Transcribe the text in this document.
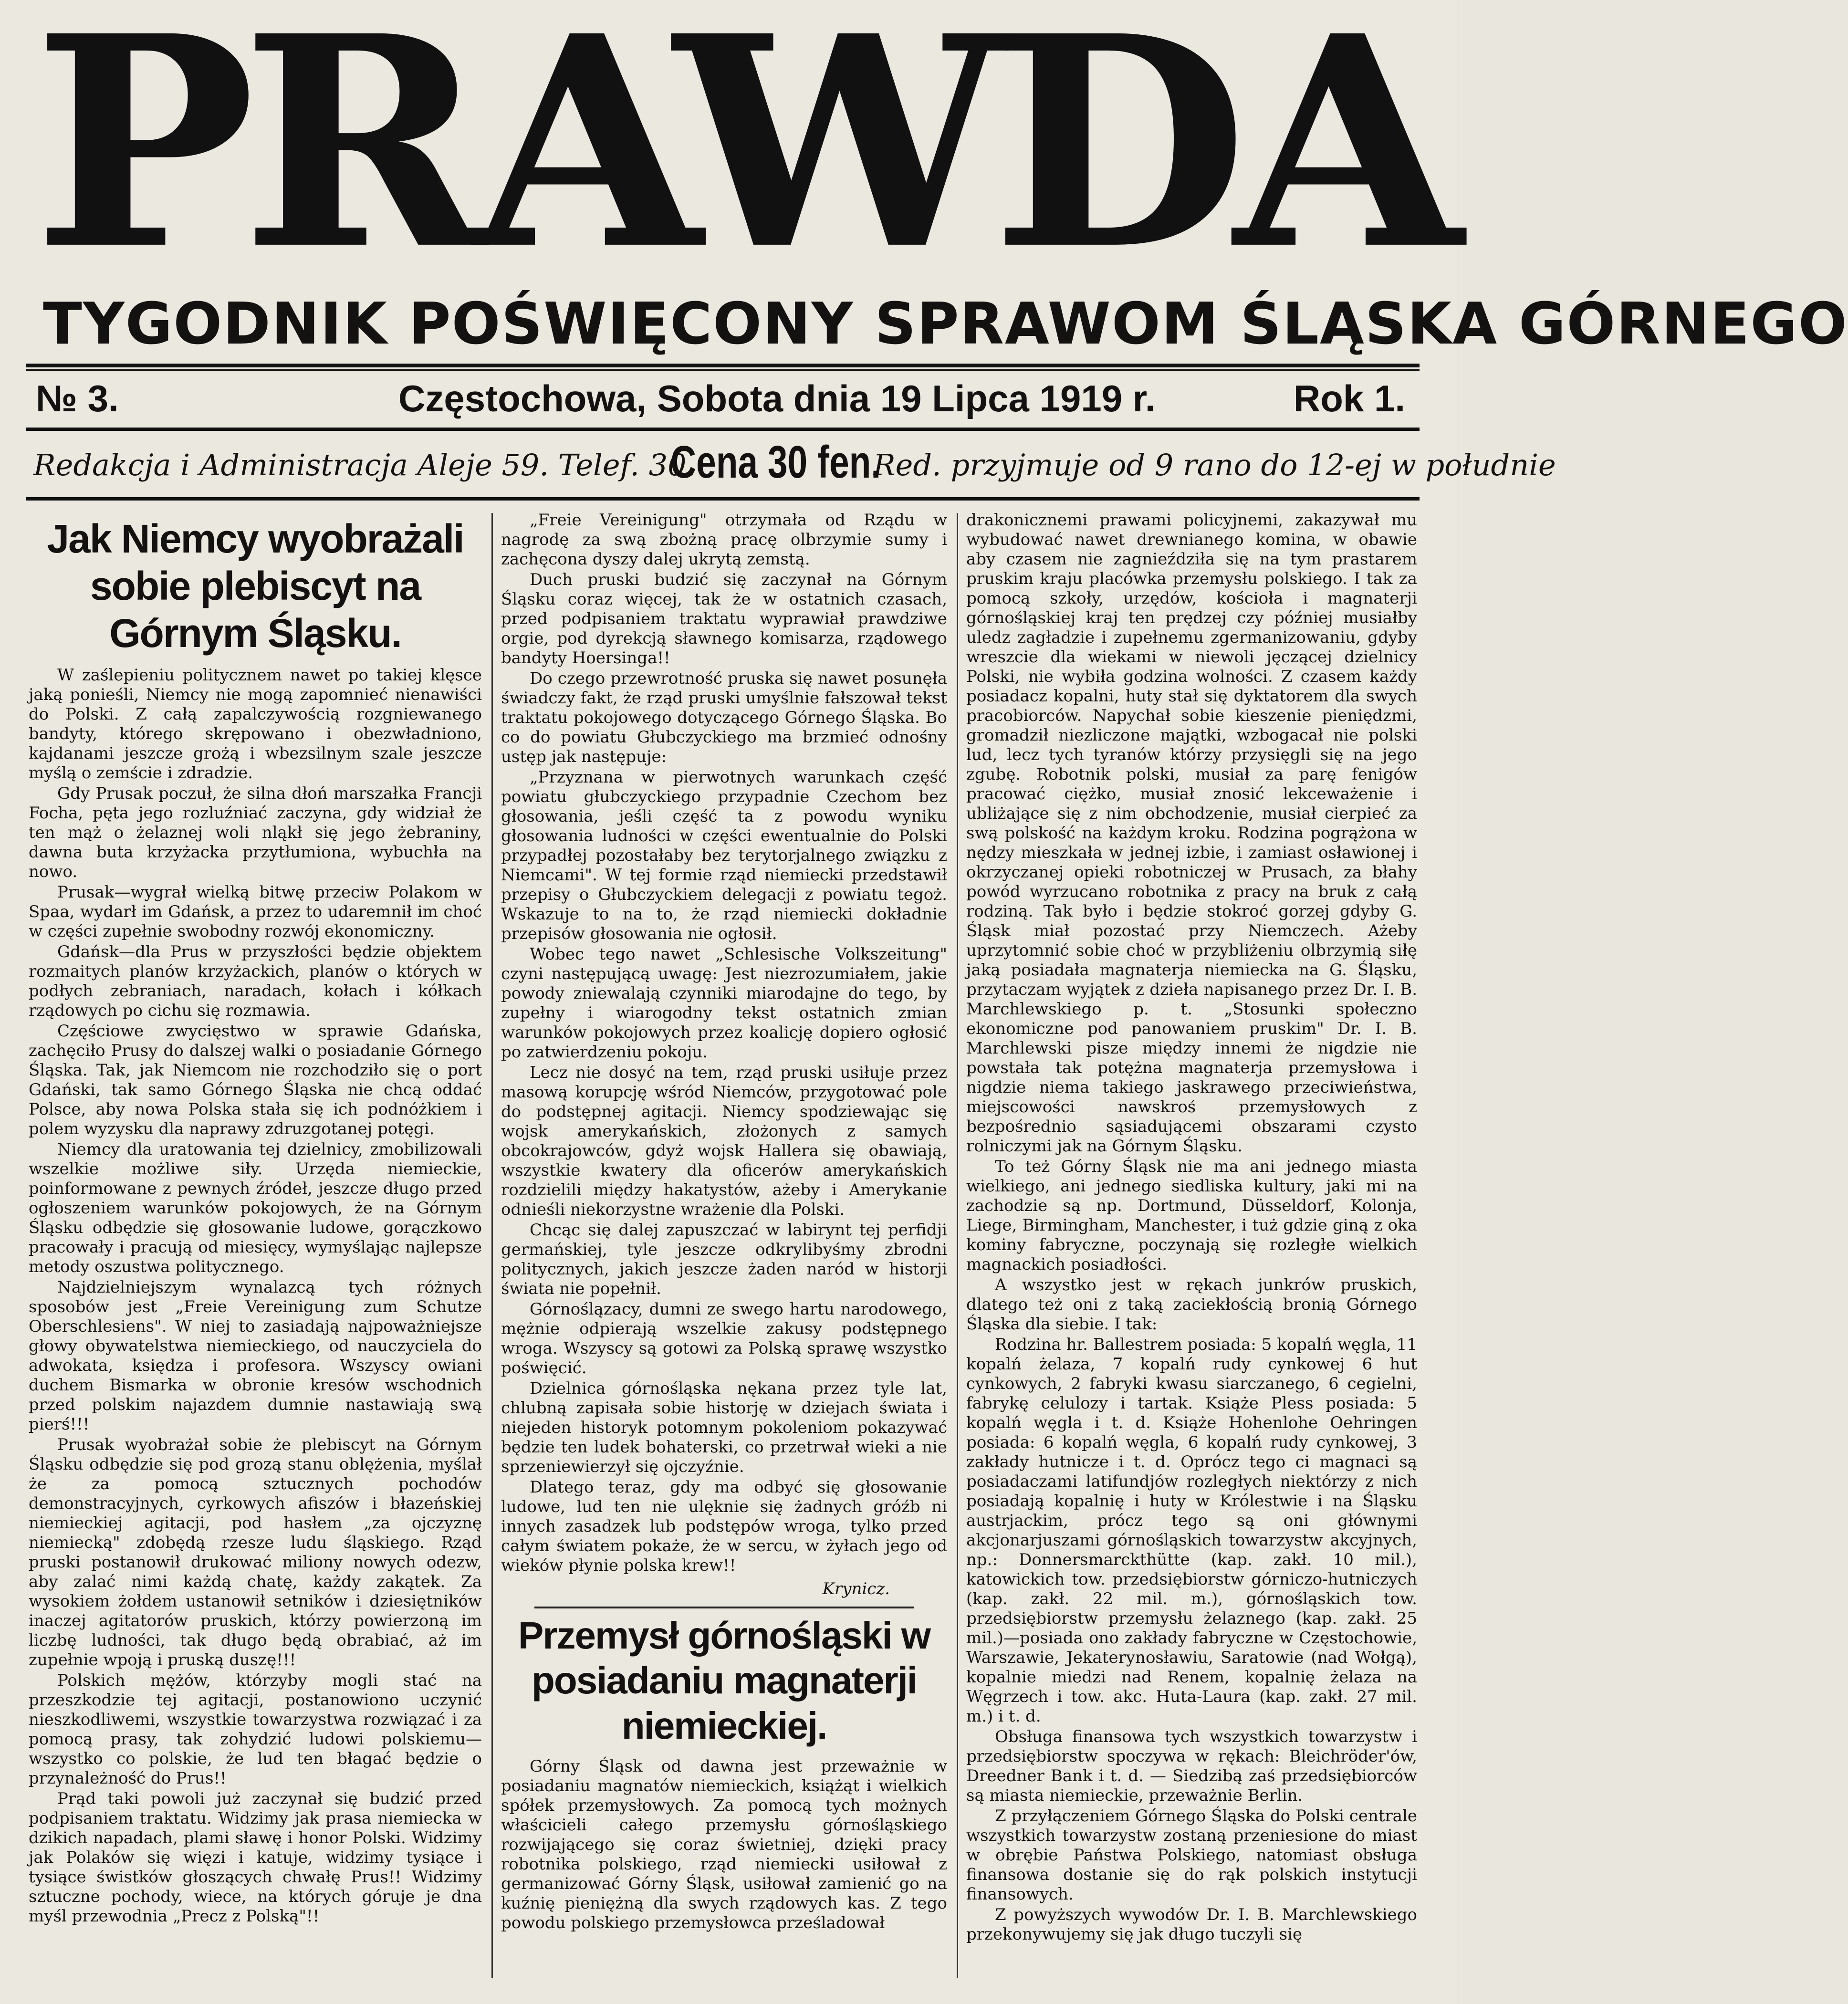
PRAWDA
TYGODNIK POŚWIĘCONY SPRAWOM ŚLĄSKA GÓRNEGO
№ 3.	Częstochowa, Sobota dnia 19 Lipca 1919 r.	Rok 1.
Redakcja i Administracja Aleje 59. Telef. 30.
Cena 30 fen.
Red. przyjmuje od 9 rano do 12-ej w południe
Jak Niemcy wyobrażali sobie plebiscyt na Górnym Śląsku.

W zaślepieniu politycznem nawet po takiej klęsce jaką ponieśli, Niemcy nie mogą zapomnieć nienawiści do Polski. Z całą zapalczywością rozgniewanego bandyty, którego skrępowano i obezwładniono, kajdanami jeszcze grożą i wbezsilnym szale jeszcze myślą o zemście i zdradzie.

Gdy Prusak poczuł, że silna dłoń marszałka Francji Focha, pęta jego rozluźniać zaczyna, gdy widział że ten mąż o żelaznej woli nląkł się jego żebraniny, dawna buta krzyżacka przytłumiona, wybuchła na nowo.

Prusak—wygrał wielką bitwę przeciw Polakom w Spaa, wydarł im Gdańsk, a przez to udaremnił im choć w części zupełnie swobodny rozwój ekonomiczny.

Gdańsk—dla Prus w przyszłości będzie objektem rozmaitych planów krzyżackich, planów o których w podłych zebraniach, naradach, kołach i kółkach rządowych po cichu się rozmawia.

Częściowe zwycięstwo w sprawie Gdańska, zachęciło Prusy do dalszej walki o posiadanie Górnego Śląska. Tak, jak Niemcom nie rozchodziło się o port Gdański, tak samo Górnego Śląska nie chcą oddać Polsce, aby nowa Polska stała się ich podnóżkiem i polem wyzysku dla naprawy zdruzgotanej potęgi.

Niemcy dla uratowania tej dzielnicy, zmobilizowali wszelkie możliwe siły. Urzęda niemieckie, poinformowane z pewnych źródeł, jeszcze długo przed ogłoszeniem warunków pokojowych, że na Górnym Śląsku odbędzie się głosowanie ludowe, gorączkowo pracowały i pracują od miesięcy, wymyślając najlepsze metody oszustwa politycznego.

Najdzielniejszym wynalazcą tych różnych sposobów jest „Freie Vereinigung zum Schutze Oberschlesiens". W niej to zasiadają najpoważniejsze głowy obywatelstwa niemieckiego, od nauczyciela do adwokata, księdza i profesora. Wszyscy owiani duchem Bismarka w obronie kresów wschodnich przed polskim najazdem dumnie nastawiają swą pierś!!!

Prusak wyobrażał sobie że plebiscyt na Górnym Śląsku odbędzie się pod grozą stanu oblężenia, myślał że za pomocą sztucznych pochodów demonstracyjnych, cyrkowych afiszów i błazeńskiej niemieckiej agitacji, pod hasłem „za ojczyznę niemiecką" zdobędą rzesze ludu śląskiego. Rząd pruski postanowił drukować miliony nowych odezw, aby zalać nimi każdą chatę, każdy zakątek. Za wysokiem żołdem ustanowił setników i dziesiętników inaczej agitatorów pruskich, którzy powierzoną im liczbę ludności, tak długo będą obrabiać, aż im zupełnie wpoją i pruską duszę!!!

Polskich mężów, którzyby mogli stać na przeszkodzie tej agitacji, postanowiono uczynić nieszkodliwemi, wszystkie towarzystwa rozwiązać i za pomocą prasy, tak zohydzić ludowi polskiemu—wszystko co polskie, że lud ten błagać będzie o przynależność do Prus!!

Prąd taki powoli już zaczynał się budzić przed podpisaniem traktatu. Widzimy jak prasa niemiecka w dzikich napadach, plami sławę i honor Polski. Widzimy jak Polaków się więzi i katuje, widzimy tysiące i tysiące świstków głoszących chwałę Prus!! Widzimy sztuczne pochody, wiece, na których góruje je dna myśl przewodnia „Precz z Polską"!!

„Freie Vereinigung" otrzymała od Rządu w nagrodę za swą zbożną pracę olbrzymie sumy i zachęcona dyszy dalej ukrytą zemstą.

Duch pruski budzić się zaczynał na Górnym Śląsku coraz więcej, tak że w ostatnich czasach, przed podpisaniem traktatu wyprawiał prawdziwe orgie, pod dyrekcją sławnego komisarza, rządowego bandyty Hoersinga!!

Do czego przewrotność pruska się nawet posunęła świadczy fakt, że rząd pruski umyślnie fałszował tekst traktatu pokojowego dotyczącego Górnego Śląska. Bo co do powiatu Głubczyckiego ma brzmieć odnośny ustęp jak następuje:

„Przyznana w pierwotnych warunkach część powiatu głubczyckiego przypadnie Czechom bez głosowania, jeśli część ta z powodu wyniku głosowania ludności w części ewentualnie do Polski przypadłej pozostałaby bez terytorjalnego związku z Niemcami". W tej formie rząd niemiecki przedstawił przepisy o Głubczyckiem delegacji z powiatu tegoż. Wskazuje to na to, że rząd niemiecki dokładnie przepisów głosowania nie ogłosił.

Wobec tego nawet „Schlesische Volkszeitung" czyni następującą uwagę: Jest niezrozumiałem, jakie powody zniewalają czynniki miarodajne do tego, by zupełny i wiarogodny tekst ostatnich zmian warunków pokojowych przez koalicję dopiero ogłosić po zatwierdzeniu pokoju.

Lecz nie dosyć na tem, rząd pruski usiłuje przez masową korupcję wśród Niemców, przygotować pole do podstępnej agitacji. Niemcy spodziewając się wojsk amerykańskich, złożonych z samych obcokrajowców, gdyż wojsk Hallera się obawiają, wszystkie kwatery dla oficerów amerykańskich rozdzielili między hakatystów, ażeby i Amerykanie odnieśli niekorzystne wrażenie dla Polski.

Chcąc się dalej zapuszczać w labirynt tej perfidji germańskiej, tyle jeszcze odkrylibyśmy zbrodni politycznych, jakich jeszcze żaden naród w historji świata nie popełnił.

Górnoślązacy, dumni ze swego hartu narodowego, mężnie odpierają wszelkie zakusy podstępnego wroga. Wszyscy są gotowi za Polską sprawę wszystko poświęcić.

Dzielnica górnośląska nękana przez tyle lat, chlubną zapisała sobie historję w dziejach świata i niejeden historyk potomnym pokoleniom pokazywać będzie ten ludek bohaterski, co przetrwał wieki a nie sprzeniewierzył się ojczyźnie.

Dlatego teraz, gdy ma odbyć się głosowanie ludowe, lud ten nie ulęknie się żadnych gróźb ni innych zasadzek lub podstępów wroga, tylko przed całym światem pokaże, że w sercu, w żyłach jego od wieków płynie polska krew!!

Krynicz.
Przemysł górnośląski w posiadaniu magnaterji niemieckiej.

Górny Śląsk od dawna jest przeważnie w posiadaniu magnatów niemieckich, książąt i wielkich spółek przemysłowych. Za pomocą tych możnych właścicieli całego przemysłu górnośląskiego rozwijającego się coraz świetniej, dzięki pracy robotnika polskiego, rząd niemiecki usiłował z germanizować Górny Śląsk, usiłował zamienić go na kuźnię pieniężną dla swych rządowych kas. Z tego powodu polskiego przemysłowca prześladował

drakonicznemi prawami policyjnemi, zakazywał mu wybudować nawet drewnianego komina, w obawie aby czasem nie zagnieździła się na tym prastarem pruskim kraju placówka przemysłu polskiego. I tak za pomocą szkoły, urzędów, kościoła i magnaterji górnośląskiej kraj ten prędzej czy później musiałby uledz zagładzie i zupełnemu zgermanizowaniu, gdyby wreszcie dla wiekami w niewoli jęczącej dzielnicy Polski, nie wybiła godzina wolności. Z czasem każdy posiadacz kopalni, huty stał się dyktatorem dla swych pracobiorców. Napychał sobie kieszenie pieniędzmi, gromadził niezliczone majątki, wzbogacał nie polski lud, lecz tych tyranów którzy przysięgli się na jego zgubę. Robotnik polski, musiał za parę fenigów pracować ciężko, musiał znosić lekceważenie i ubliżające się z nim obchodzenie, musiał cierpieć za swą polskość na każdym kroku. Rodzina pogrążona w nędzy mieszkała w jednej izbie, i zamiast osławionej i okrzyczanej opieki robotniczej w Prusach, za błahy powód wyrzucano robotnika z pracy na bruk z całą rodziną. Tak było i będzie stokroć gorzej gdyby G. Śląsk miał pozostać przy Niemczech. Ażeby uprzytomnić sobie choć w przybliżeniu olbrzymią siłę jaką posiadała magnaterja niemiecka na G. Śląsku, przytaczam wyjątek z dzieła napisanego przez Dr. I. B. Marchlewskiego p. t. „Stosunki społeczno ekonomiczne pod panowaniem pruskim" Dr. I. B. Marchlewski pisze między innemi że nigdzie nie powstała tak potężna magnaterja przemysłowa i nigdzie niema takiego jaskrawego przeciwieństwa, miejscowości nawskroś przemysłowych z bezpośrednio sąsiadującemi obszarami czysto rolniczymi jak na Górnym Śląsku.

To też Górny Śląsk nie ma ani jednego miasta wielkiego, ani jednego siedliska kultury, jaki mi na zachodzie są np. Dortmund, Düsseldorf, Kolonja, Liege, Birmingham, Manchester, i tuż gdzie giną z oka kominy fabryczne, poczynają się rozległe wielkich magnackich posiadłości.

A wszystko jest w rękach junkrów pruskich, dlatego też oni z taką zaciekłością bronią Górnego Śląska dla siebie. I tak:

Rodzina hr. Ballestrem posiada: 5 kopalń węgla, 11 kopalń żelaza, 7 kopalń rudy cynkowej 6 hut cynkowych, 2 fabryki kwasu siarczanego, 6 cegielni, fabrykę celulozy i tartak. Książe Pless posiada: 5 kopalń węgla i t. d. Książe Hohenlohe Oehringen posiada: 6 kopalń węgla, 6 kopalń rudy cynkowej, 3 zakłady hutnicze i t. d. Oprócz tego ci magnaci są posiadaczami latifundjów rozległych niektórzy z nich posiadają kopalnię i huty w Królestwie i na Śląsku austrjackim, prócz tego są oni głównymi akcjonarjuszami górnośląskich towarzystw akcyjnych, np.: Donnersmarckthütte (kap. zakł. 10 mil.), katowickich tow. przedsiębiorstw górniczo-hutniczych (kap. zakł. 22 mil. m.), górnośląskich tow. przedsiębiorstw przemysłu żelaznego (kap. zakł. 25 mil.)—posiada ono zakłady fabryczne w Częstochowie, Warszawie, Jekaterynosławiu, Saratowie (nad Wołgą), kopalnie miedzi nad Renem, kopalnię żelaza na Węgrzech i tow. akc. Huta-Laura (kap. zakł. 27 mil. m.) i t. d.

Obsługa finansowa tych wszystkich towarzystw i przedsiębiorstw spoczywa w rękach: Bleichröder'ów, Dreedner Bank i t. d. — Siedzibą zaś przedsiębiorców są miasta niemieckie, przeważnie Berlin.

Z przyłączeniem Górnego Śląska do Polski centrale wszystkich towarzystw zostaną przeniesione do miast w obrębie Państwa Polskiego, natomiast obsługa finansowa dostanie się do rąk polskich instytucji finansowych.

Z powyższych wywodów Dr. I. B. Marchlewskiego przekonywujemy się jak długo tuczyli się
